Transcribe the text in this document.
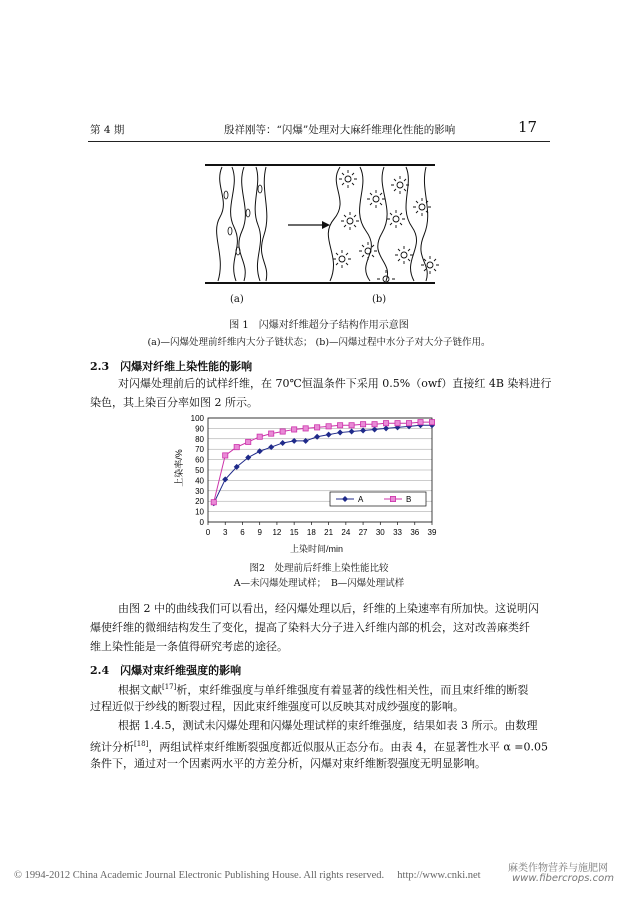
第 4 期	殷祥刚等：“闪爆”处理对大麻纤维理化性能的影响	17
(a)	(b)
图 1　闪爆对纤维超分子结构作用示意图
(a)—闪爆处理前纤维内大分子链状态； (b)—闪爆过程中水分子对大分子链作用。
2.3　闪爆对纤维上染性能的影响
对闪爆处理前后的试样纤维，在 70℃恒温条件下采用 0.5%（owf）直接红 4B 染料进行
染色，其上染百分率如图 2 所示。
0
10
20
30
40
50
60
70
80
90
100
0 3 6 9 12 15 18 21 24 27 30 33 36 39
A	B
上染率/%
上染时间/min
图2　处理前后纤维上染性能比较
A—未闪爆处理试样；　B—闪爆处理试样
由图 2 中的曲线我们可以看出，经闪爆处理以后，纤维的上染速率有所加快。这说明闪
爆使纤维的微细结构发生了变化，提高了染料大分子进入纤维内部的机会，这对改善麻类纤
维上染性能是一条值得研究考虑的途径。
2.4　闪爆对束纤维强度的影响
根据文献[17]析，束纤维强度与单纤维强度有着显著的线性相关性，而且束纤维的断裂
过程近似于纱线的断裂过程，因此束纤维强度可以反映其对成纱强度的影响。
根据 1.4.5，测试未闪爆处理和闪爆处理试样的束纤维强度，结果如表 3 所示。由数理
统计分析[18]，两组试样束纤维断裂强度都近似服从正态分布。由表 4，在显著性水平 α =0.05
条件下，通过对一个因素两水平的方差分析，闪爆对束纤维断裂强度无明显影响。
© 1994-2012 China Academic Journal Electronic Publishing House. All rights reserved.　 http://www.cnki.net
麻类作物营养与施肥网
www.fibercrops.com
